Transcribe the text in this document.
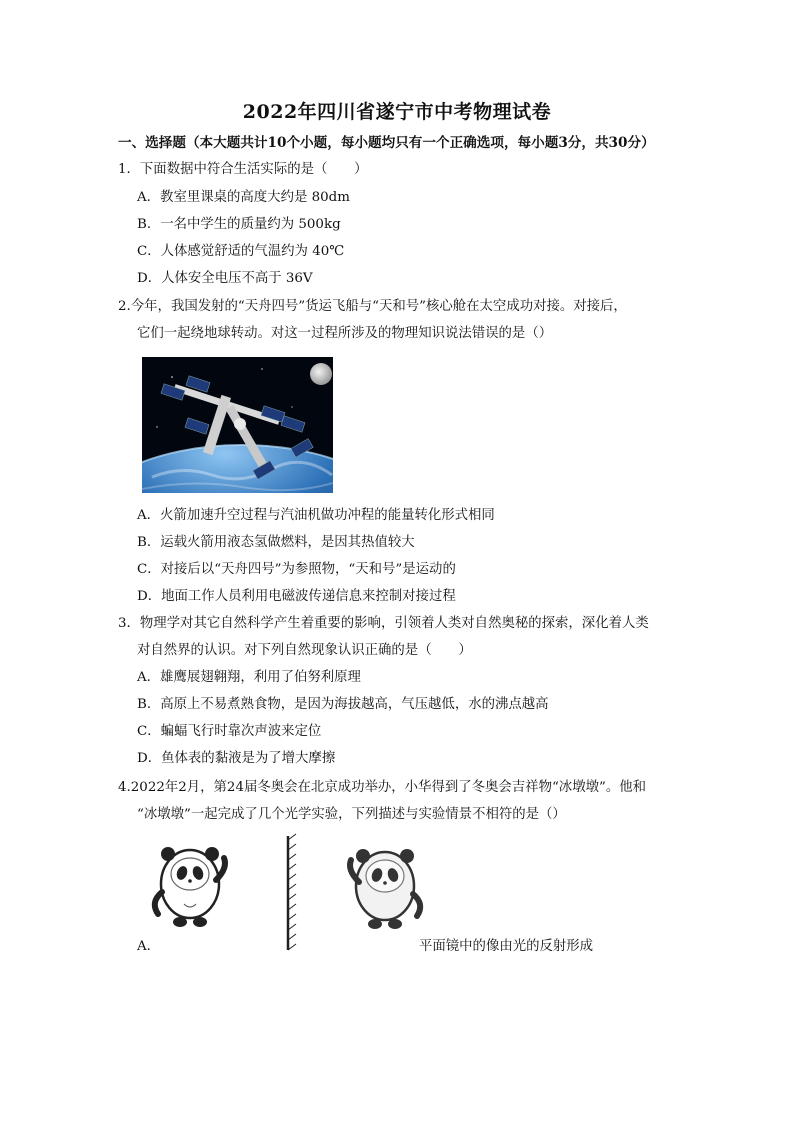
2022年四川省遂宁市中考物理试卷
一、选择题（本大题共计10个小题，每小题均只有一个正确选项，每小题3分，共30分）
1．下面数据中符合生活实际的是（　　）
A．教室里课桌的高度大约是 80dm
B．一名中学生的质量约为 500kg
C．人体感觉舒适的气温约为 40℃
D．人体安全电压不高于 36V
2.今年，我国发射的“天舟四号”货运飞船与“天和号”核心舱在太空成功对接。对接后，
它们一起绕地球转动。对这一过程所涉及的物理知识说法错误的是（）
A．火箭加速升空过程与汽油机做功冲程的能量转化形式相同
B．运载火箭用液态氢做燃料，是因其热值较大
C．对接后以“天舟四号”为参照物，“天和号”是运动的
D．地面工作人员利用电磁波传递信息来控制对接过程
3．物理学对其它自然科学产生着重要的影响，引领着人类对自然奥秘的探索，深化着人类
对自然界的认识。对下列自然现象认识正确的是（　　）
A．雄鹰展翅翱翔，利用了伯努利原理
B．高原上不易煮熟食物，是因为海拔越高，气压越低，水的沸点越高
C．蝙蝠飞行时靠次声波来定位
D．鱼体表的黏液是为了增大摩擦
4.2022年2月，第24届冬奥会在北京成功举办，小华得到了冬奥会吉祥物“冰墩墩”。他和
“冰墩墩”一起完成了几个光学实验，下列描述与实验情景不相符的是（）
A．	平面镜中的像由光的反射形成
